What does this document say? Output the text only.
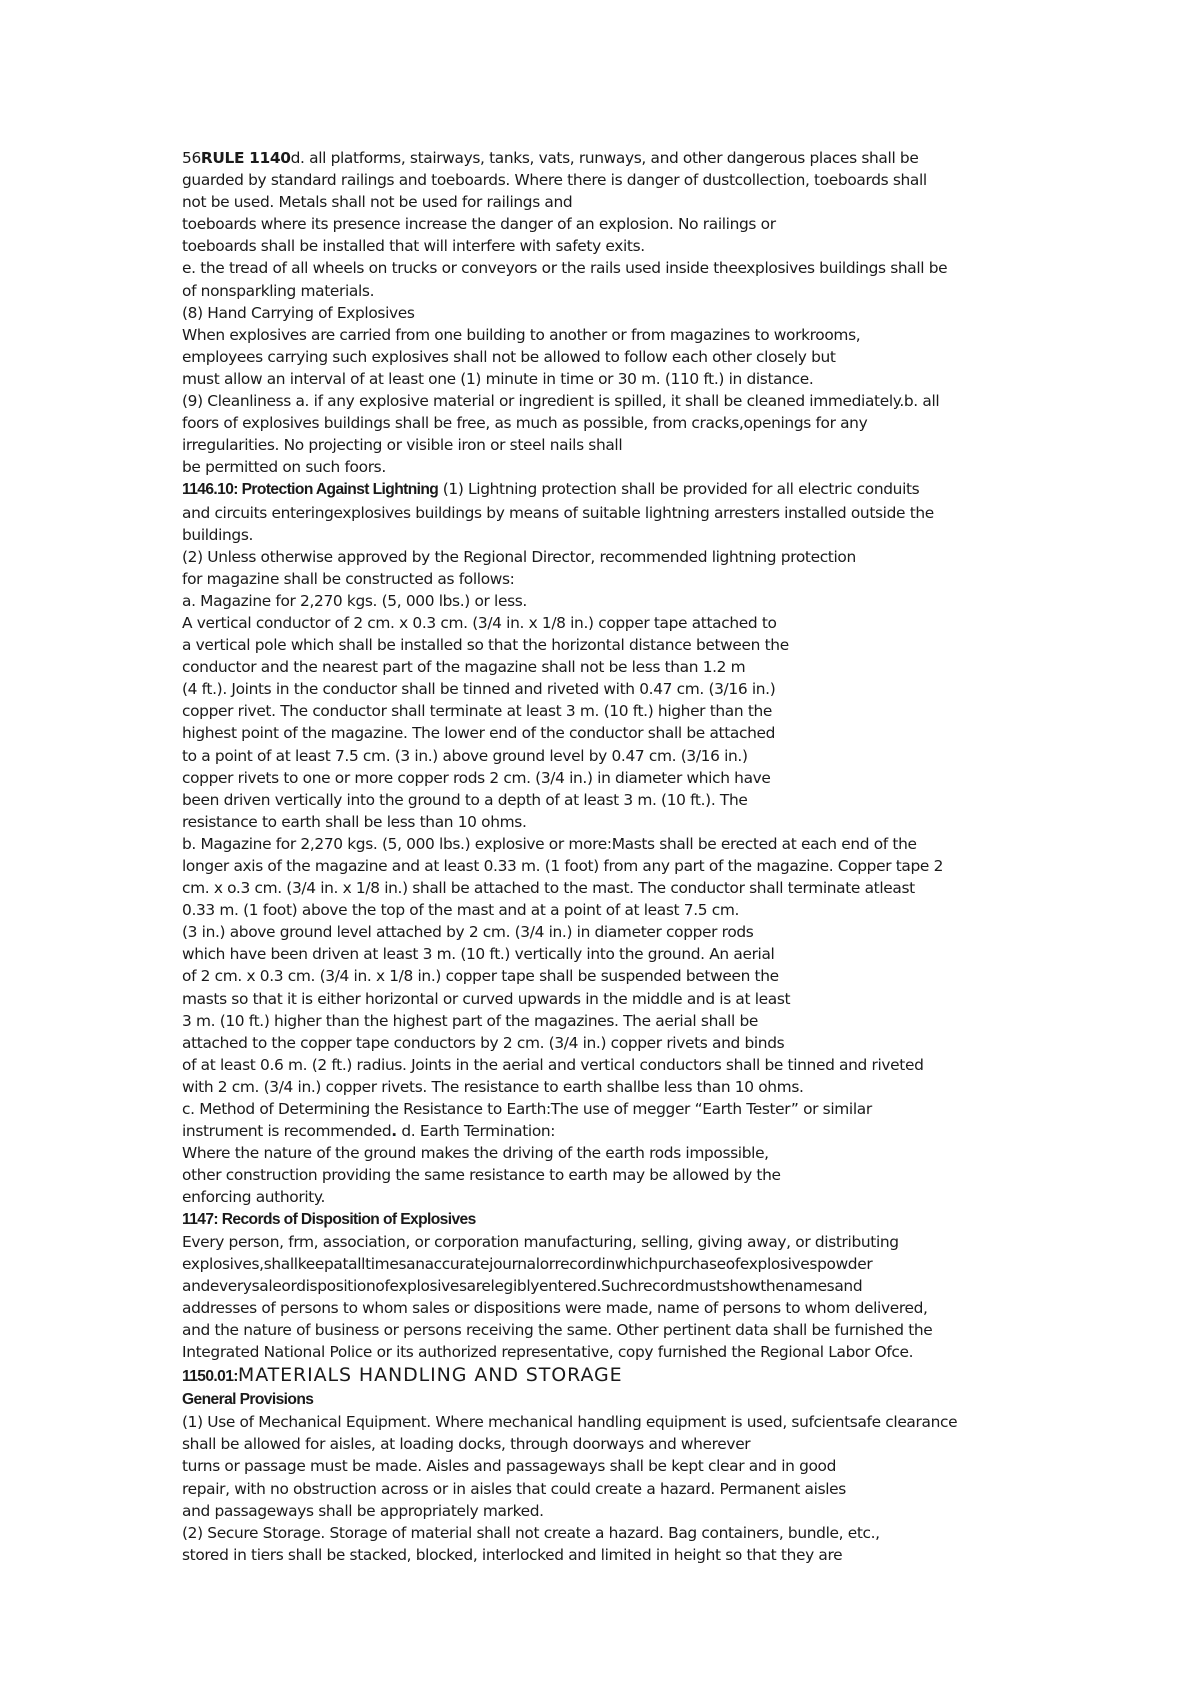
56RULE 1140d. all platforms, stairways, tanks, vats, runways, and other dangerous places shall be
guarded by standard railings and toeboards. Where there is danger of dustcollection, toeboards shall
not be used. Metals shall not be used for railings and
toeboards where its presence increase the danger of an explosion. No railings or
toeboards shall be installed that will interfere with safety exits.
e. the tread of all wheels on trucks or conveyors or the rails used inside theexplosives buildings shall be
of nonsparkling materials.
(8) Hand Carrying of Explosives
When explosives are carried from one building to another or from magazines to workrooms,
employees carrying such explosives shall not be allowed to follow each other closely but
must allow an interval of at least one (1) minute in time or 30 m. (110 ft.) in distance.
(9) Cleanliness a. if any explosive material or ingredient is spilled, it shall be cleaned immediately.b. all
foors of explosives buildings shall be free, as much as possible, from cracks,openings for any
irregularities. No projecting or visible iron or steel nails shall
be permitted on such foors.
1146.10: Protection Against Lightning (1) Lightning protection shall be provided for all electric conduits
and circuits enteringexplosives buildings by means of suitable lightning arresters installed outside the
buildings.
(2) Unless otherwise approved by the Regional Director, recommended lightning protection
for magazine shall be constructed as follows:
a. Magazine for 2,270 kgs. (5, 000 lbs.) or less.
A vertical conductor of 2 cm. x 0.3 cm. (3/4 in. x 1/8 in.) copper tape attached to
a vertical pole which shall be installed so that the horizontal distance between the
conductor and the nearest part of the magazine shall not be less than 1.2 m
(4 ft.). Joints in the conductor shall be tinned and riveted with 0.47 cm. (3/16 in.)
copper rivet. The conductor shall terminate at least 3 m. (10 ft.) higher than the
highest point of the magazine. The lower end of the conductor shall be attached
to a point of at least 7.5 cm. (3 in.) above ground level by 0.47 cm. (3/16 in.)
copper rivets to one or more copper rods 2 cm. (3/4 in.) in diameter which have
been driven vertically into the ground to a depth of at least 3 m. (10 ft.). The
resistance to earth shall be less than 10 ohms.
b. Magazine for 2,270 kgs. (5, 000 lbs.) explosive or more:Masts shall be erected at each end of the
longer axis of the magazine and at least 0.33 m. (1 foot) from any part of the magazine. Copper tape 2
cm. x o.3 cm. (3/4 in. x 1/8 in.) shall be attached to the mast. The conductor shall terminate atleast
0.33 m. (1 foot) above the top of the mast and at a point of at least 7.5 cm.
(3 in.) above ground level attached by 2 cm. (3/4 in.) in diameter copper rods
which have been driven at least 3 m. (10 ft.) vertically into the ground. An aerial
of 2 cm. x 0.3 cm. (3/4 in. x 1/8 in.) copper tape shall be suspended between the
masts so that it is either horizontal or curved upwards in the middle and is at least
3 m. (10 ft.) higher than the highest part of the magazines. The aerial shall be
attached to the copper tape conductors by 2 cm. (3/4 in.) copper rivets and binds
of at least 0.6 m. (2 ft.) radius. Joints in the aerial and vertical conductors shall be tinned and riveted
with 2 cm. (3/4 in.) copper rivets. The resistance to earth shallbe less than 10 ohms.
c. Method of Determining the Resistance to Earth:The use of megger “Earth Tester” or similar
instrument is recommended. d. Earth Termination:
Where the nature of the ground makes the driving of the earth rods impossible,
other construction providing the same resistance to earth may be allowed by the
enforcing authority.
1147: Records of Disposition of Explosives
Every person, frm, association, or corporation manufacturing, selling, giving away, or distributing
explosives,shallkeepatalltimesanaccuratejournalorrecordinwhichpurchaseofexplosivespowder
andeverysaleordispositionofexplosivesarelegiblyentered.Suchrecordmustshowthenamesand
addresses of persons to whom sales or dispositions were made, name of persons to whom delivered,
and the nature of business or persons receiving the same. Other pertinent data shall be furnished the
Integrated National Police or its authorized representative, copy furnished the Regional Labor Ofce.
1150.01:MATERIALS HANDLING AND STORAGE
General Provisions
(1) Use of Mechanical Equipment. Where mechanical handling equipment is used, sufcientsafe clearance
shall be allowed for aisles, at loading docks, through doorways and wherever
turns or passage must be made. Aisles and passageways shall be kept clear and in good
repair, with no obstruction across or in aisles that could create a hazard. Permanent aisles
and passageways shall be appropriately marked.
(2) Secure Storage. Storage of material shall not create a hazard. Bag containers, bundle, etc.,
stored in tiers shall be stacked, blocked, interlocked and limited in height so that they are
